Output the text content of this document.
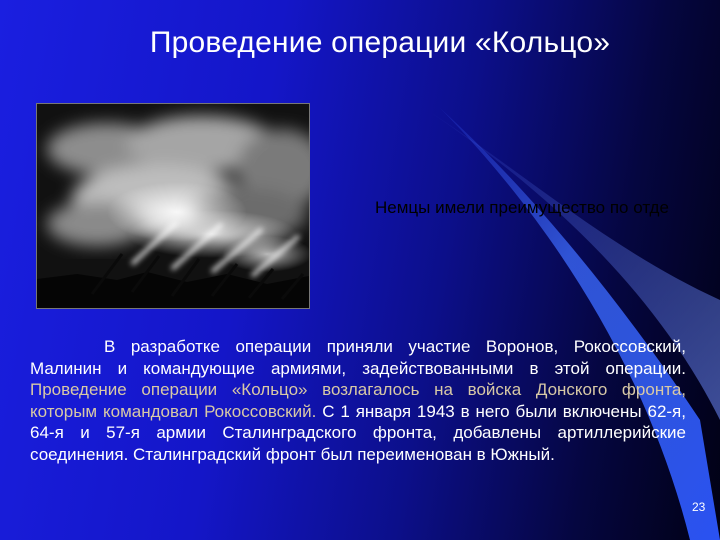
Проведение операции «Кольцо»
Немцы имели преимущество по отде
В разработке операции приняли участие Воронов, Рокоссовский, Малинин и командующие армиями, задействованными в этой операции. Проведение операции «Кольцо» возлагалось на войска Донского фронта, которым командовал Рокоссовский. С 1 января 1943 в него были включены 62-я, 64-я и 57-я армии Сталинградского фронта, добавлены артиллерийские соединения. Сталинградский фронт был переименован в Южный.
23
